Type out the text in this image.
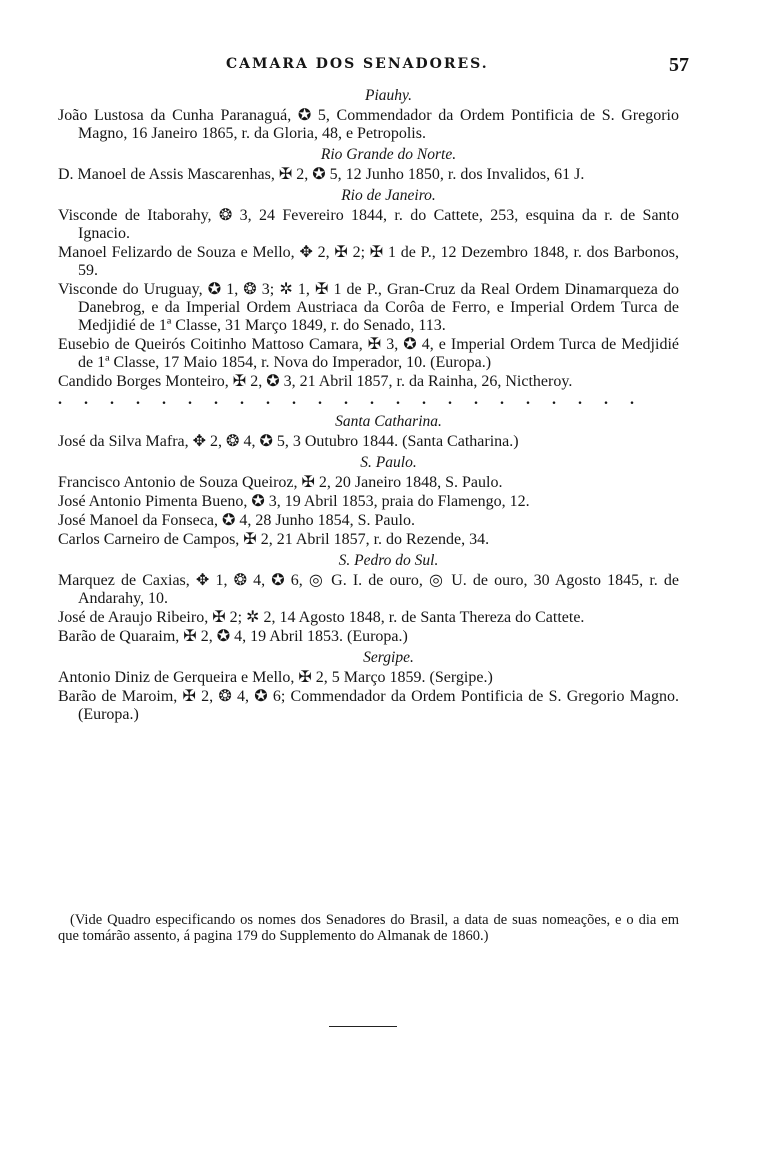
CAMARA DOS SENADORES.	57
Piauhy.

João Lustosa da Cunha Paranaguá, ✪ 5, Commendador da Ordem Pontificia de S. Gregorio Magno, 16 Janeiro 1865, r. da Gloria, 48, e Petropolis.

Rio Grande do Norte.

D. Manoel de Assis Mascarenhas, ✠ 2, ✪ 5, 12 Junho 1850, r. dos Invalidos, 61 J.

Rio de Janeiro.

Visconde de Itaborahy, ❂ 3, 24 Fevereiro 1844, r. do Cattete, 253, esquina da r. de Santo Ignacio.

Manoel Felizardo de Souza e Mello, ✥ 2, ✠ 2; ✠ 1 de P., 12 Dezembro 1848, r. dos Barbonos, 59.

Visconde do Uruguay, ✪ 1, ❂ 3; ✲ 1, ✠ 1 de P., Gran-Cruz da Real Ordem Dinamarqueza do Danebrog, e da Imperial Ordem Austriaca da Corôa de Ferro, e Imperial Ordem Turca de Medjidié de 1ª Classe, 31 Março 1849, r. do Senado, 113.

Eusebio de Queirós Coitinho Mattoso Camara, ✠ 3, ✪ 4, e Imperial Ordem Turca de Medjidié de 1ª Classe, 17 Maio 1854, r. Nova do Imperador, 10. (Europa.)

Candido Borges Monteiro, ✠ 2, ✪ 3, 21 Abril 1857, r. da Rainha, 26, Nictheroy.

. . . . . . . . . . . . . . . . . . . . . . .
Santa Catharina.

José da Silva Mafra, ✥ 2, ❂ 4, ✪ 5, 3 Outubro 1844. (Santa Catharina.)

S. Paulo.

Francisco Antonio de Souza Queiroz, ✠ 2, 20 Janeiro 1848, S. Paulo.

José Antonio Pimenta Bueno, ✪ 3, 19 Abril 1853, praia do Flamengo, 12.

José Manoel da Fonseca, ✪ 4, 28 Junho 1854, S. Paulo.

Carlos Carneiro de Campos, ✠ 2, 21 Abril 1857, r. do Rezende, 34.

S. Pedro do Sul.

Marquez de Caxias, ✥ 1, ❂ 4, ✪ 6, ◎ G. I. de ouro, ◎ U. de ouro, 30 Agosto 1845, r. de Andarahy, 10.

José de Araujo Ribeiro, ✠ 2; ✲ 2, 14 Agosto 1848, r. de Santa Thereza do Cattete.

Barão de Quaraim, ✠ 2, ✪ 4, 19 Abril 1853. (Europa.)

Sergipe.

Antonio Diniz de Gerqueira e Mello, ✠ 2, 5 Março 1859. (Sergipe.)

Barão de Maroim, ✠ 2, ❂ 4, ✪ 6; Commendador da Ordem Pontificia de S. Gregorio Magno. (Europa.)

(Vide Quadro especificando os nomes dos Senadores do Brasil, a data de suas nomeações, e o dia em que tomárão assento, á pagina 179 do Supplemento do Almanak de 1860.)
